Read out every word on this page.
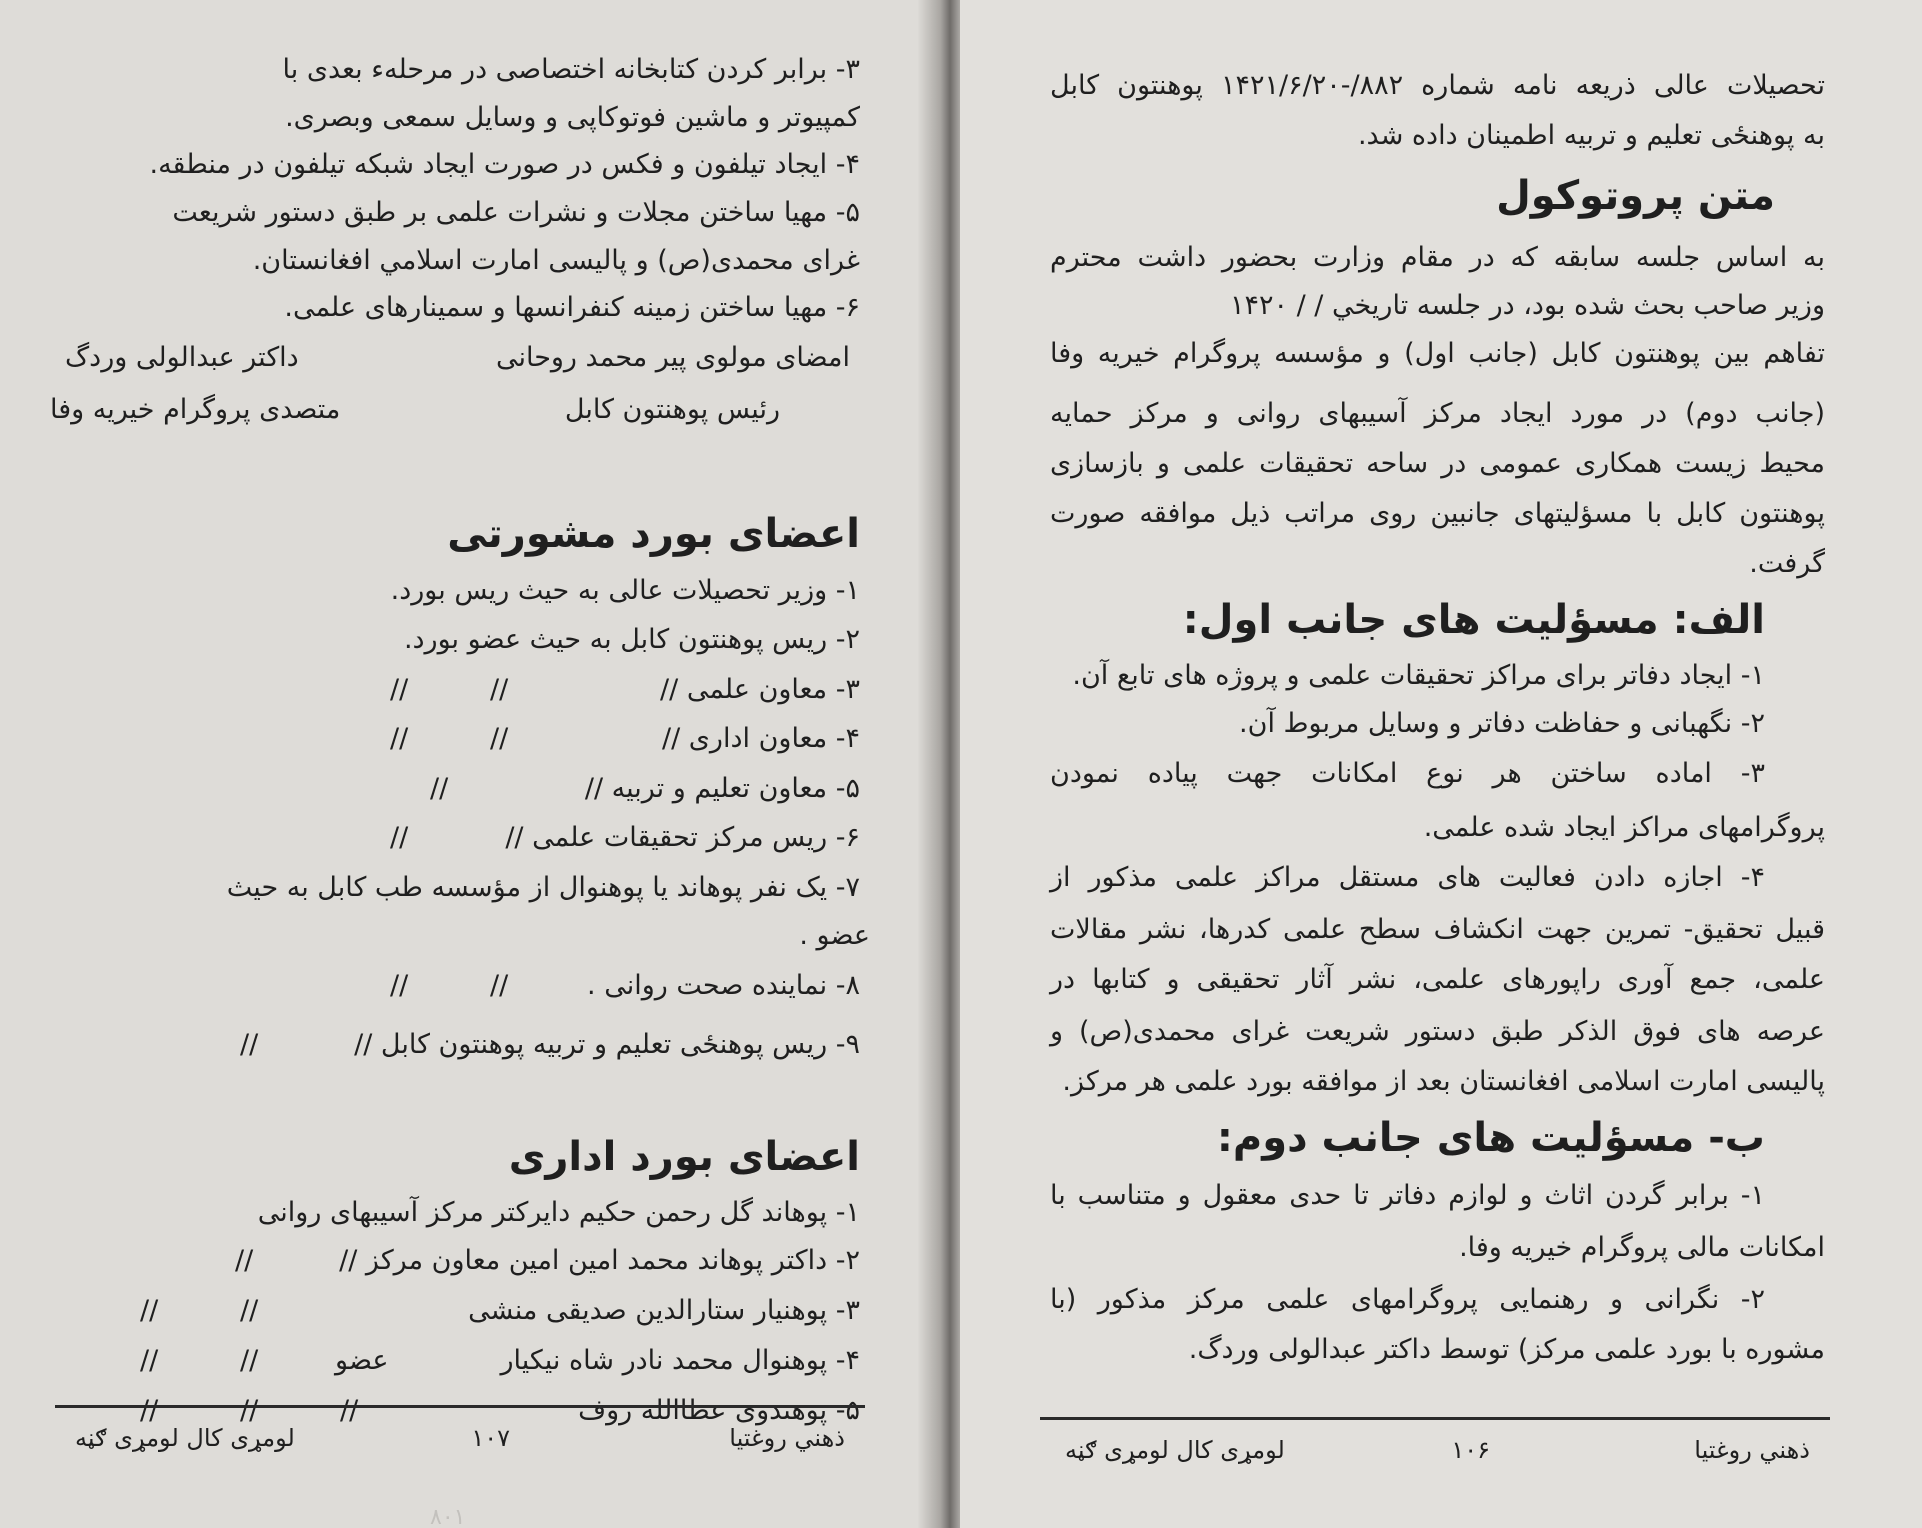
۳- برابر کردن کتابخانه اختصاصی در مرحلهء بعدی با
کمپیوتر و ماشین فوتوکاپی و وسایل سمعی وبصری.
۴- ایجاد تیلفون و فکس در صورت ایجاد شبکه تیلفون در منطقه.
۵- مهیا ساختن مجلات و نشرات علمی بر طبق دستور شریعت
غرای محمدی(ص) و پالیسی امارت اسلامي افغانستان.
۶- مهیا ساختن زمینه کنفرانسها و سمینارهای علمی.
امضای مولوی پیر محمد روحانی
داکتر عبدالولی وردگ
رئیس پوهنتون کابل
متصدی پروگرام خیریه وفا
اعضای بورد مشورتی
۱- وزیر تحصیلات عالی به حیث ریس بورد.
۲- ریس پوهنتون کابل به حیث عضو بورد.
۳- معاون علمی //
//
//
۴- معاون اداری //
//
//
۵- معاون تعلیم و تربیه //
//
۶- ریس مرکز تحقیقات علمی //
//
۷- یک نفر پوهاند یا پوهنوال از مؤسسه طب کابل به حیث
عضو .
۸- نماینده صحت روانی .
//
//
۹- ریس پوهنځی تعلیم و تربیه پوهنتون کابل //
//
اعضای بورد اداری
۱- پوهاند گل رحمن حکیم دایرکتر مرکز آسیبهای روانی
۲- داکتر پوهاند محمد امین امین معاون مرکز //
//
۳- پوهنیار ستارالدین صدیقی منشی
//
//
۴- پوهنوال محمد نادر شاه نیکیار
عضو
//
//
۵- پوهندوی عطاالله روف
//
//
//
ذهني روغتیا
۱۰۷
لومړی کال لومړی ګڼه
۸۰۱
تحصیلات عالی ذریعه نامه شماره ۸۸۲/-۱۴۲۱/۶/۲۰ پوهنتون کابل
به پوهنځی تعلیم و تربیه اطمینان داده شد.
متن پروتوکول
به اساس جلسه سابقه که در مقام وزارت بحضور داشت محترم
وزیر صاحب بحث شده بود، در جلسه تاریخي / / ۱۴۲۰
تفاهم بین پوهنتون کابل (جانب اول) و مؤسسه پروگرام خیریه وفا
(جانب دوم) در مورد ایجاد مرکز آسیبهای روانی و مرکز حمایه
محیط زیست همکاری عمومی در ساحه تحقیقات علمی و بازسازی
پوهنتون کابل با مسؤلیتهای جانبین روی مراتب ذیل موافقه صورت
گرفت.
الف: مسؤلیت های جانب اول:
۱- ایجاد دفاتر برای مراکز تحقیقات علمی و پروژه های تابع آن.
۲- نگهبانی و حفاظت دفاتر و وسایل مربوط آن.
۳- اماده ساختن هر نوع امکانات جهت پیاده نمودن
پروگرامهای مراکز ایجاد شده علمی.
۴- اجازه دادن فعالیت های مستقل مراکز علمی مذکور از
قبیل تحقیق- تمرین جهت انکشاف سطح علمی کدرها، نشر مقالات
علمی، جمع آوری راپورهای علمی، نشر آثار تحقیقی و کتابها در
عرصه های فوق الذکر طبق دستور شریعت غرای محمدی(ص) و
پالیسی امارت اسلامی افغانستان بعد از موافقه بورد علمی هر مرکز.
ب- مسؤلیت های جانب دوم:
۱- برابر گردن اثاث و لوازم دفاتر تا حدی معقول و متناسب با
امکانات مالی پروگرام خیریه وفا.
۲- نگرانی و رهنمایی پروگرامهای علمی مرکز مذکور (با
مشوره با بورد علمی مرکز) توسط داکتر عبدالولی وردگ.
ذهني روغتیا
۱۰۶
لومړی کال لومړی ګڼه
